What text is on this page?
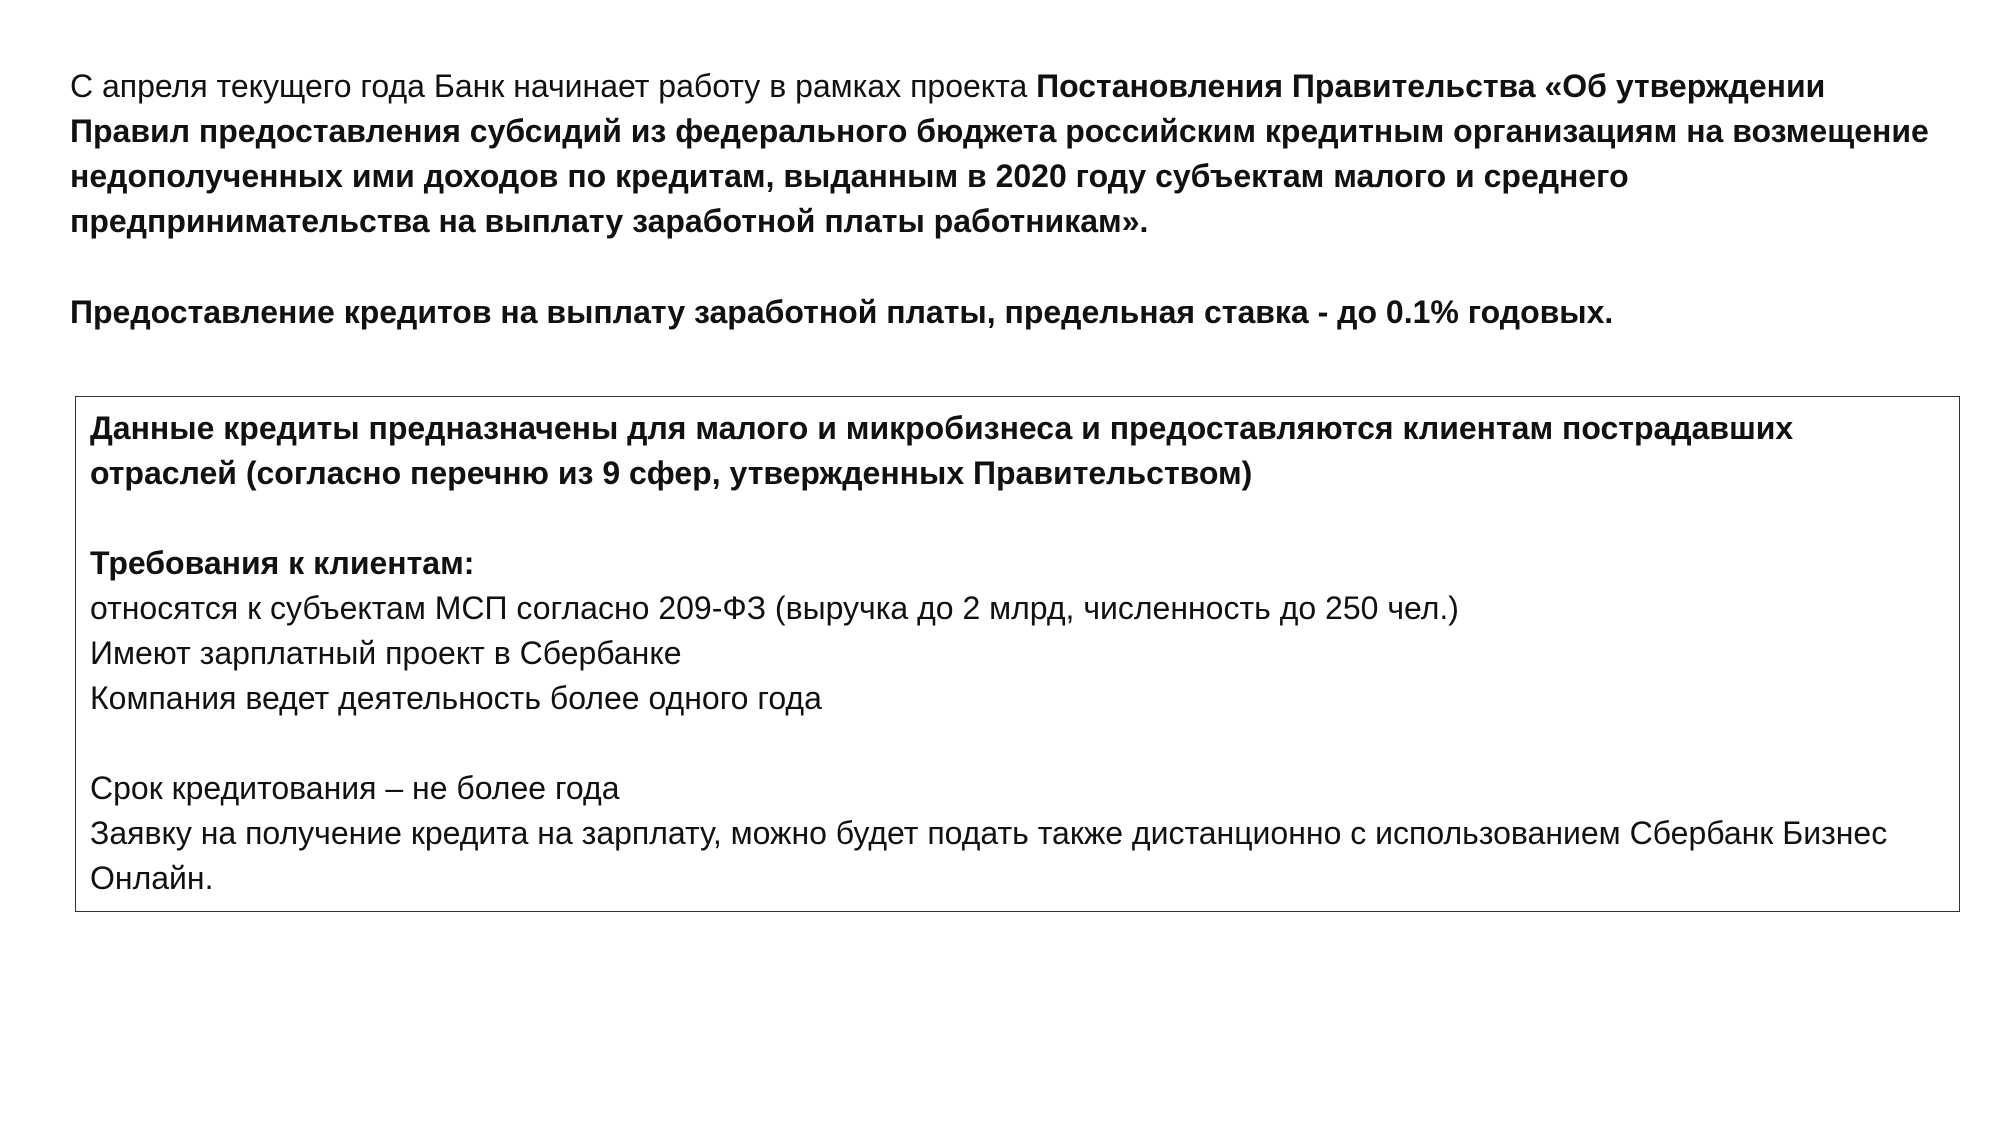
С апреля текущего года Банк начинает работу в рамках проекта Постановления Правительства «Об утверждении Правил предоставления субсидий из федерального бюджета российским кредитным организациям на возмещение недополученных ими доходов по кредитам, выданным в 2020 году субъектам малого и среднего предпринимательства на выплату заработной платы работникам».

Предоставление кредитов на выплату заработной платы, предельная ставка - до 0.1% годовых.

Данные кредиты предназначены для малого и микробизнеса и предоставляются клиентам пострадавших отраслей (согласно перечню из 9 сфер, утвержденных Правительством)

Требования к клиентам:

относятся к субъектам МСП согласно 209-ФЗ (выручка до 2 млрд, численность до 250 чел.)

Имеют зарплатный проект в Сбербанке

Компания ведет деятельность более одного года

Срок кредитования – не более года

Заявку на получение кредита на зарплату, можно будет подать также дистанционно с использованием Сбербанк Бизнес Онлайн.
